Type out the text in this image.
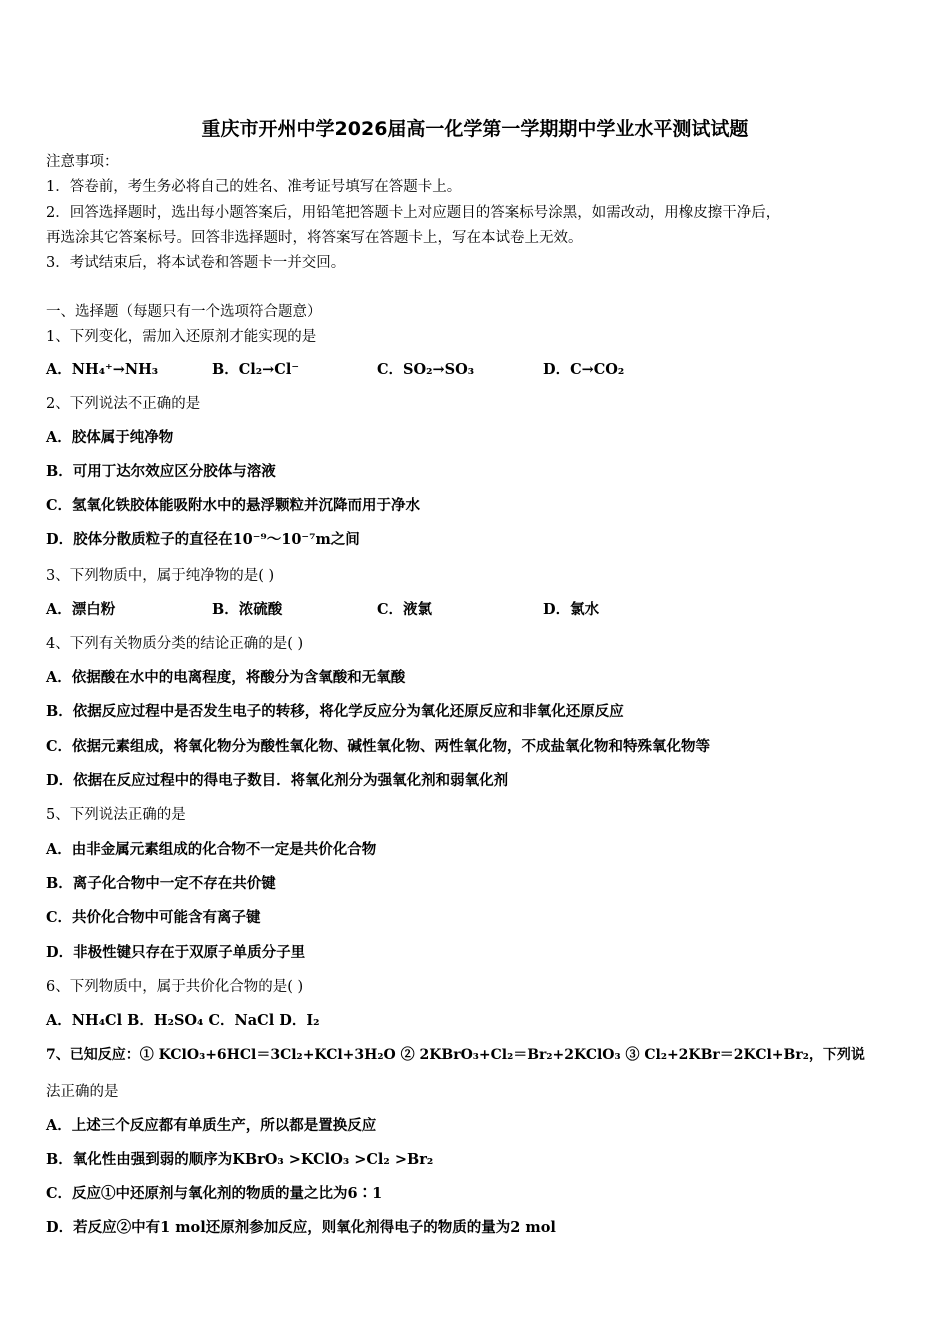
重庆市开州中学2026届高一化学第一学期期中学业水平测试试题
注意事项：
1．答卷前，考生务必将自己的姓名、准考证号填写在答题卡上。
2．回答选择题时，选出每小题答案后，用铅笔把答题卡上对应题目的答案标号涂黑，如需改动，用橡皮擦干净后，
再选涂其它答案标号。回答非选择题时，将答案写在答题卡上，写在本试卷上无效。
3．考试结束后，将本试卷和答题卡一并交回。
一、选择题（每题只有一个选项符合题意）
1、下列变化，需加入还原剂才能实现的是
A．NH₄⁺→NH₃	B．Cl₂→Cl⁻	C．SO₂→SO₃	D．C→CO₂
2、下列说法不正确的是
A．胶体属于纯净物
B．可用丁达尔效应区分胶体与溶液
C．氢氧化铁胶体能吸附水中的悬浮颗粒并沉降而用于净水
D．胶体分散质粒子的直径在10⁻⁹～10⁻⁷m之间
3、下列物质中，属于纯净物的是( )
A．漂白粉	B．浓硫酸	C．液氯	D．氯水
4、下列有关物质分类的结论正确的是( )
A．依据酸在水中的电离程度，将酸分为含氧酸和无氧酸
B．依据反应过程中是否发生电子的转移，将化学反应分为氧化还原反应和非氧化还原反应
C．依据元素组成，将氧化物分为酸性氧化物、碱性氧化物、两性氧化物，不成盐氧化物和特殊氧化物等
D．依据在反应过程中的得电子数目．将氧化剂分为强氧化剂和弱氧化剂
5、下列说法正确的是
A．由非金属元素组成的化合物不一定是共价化合物
B．离子化合物中一定不存在共价键
C．共价化合物中可能含有离子键
D．非极性键只存在于双原子单质分子里
6、下列物质中，属于共价化合物的是( )
A．NH₄Cl B．H₂SO₄ C．NaCl D．I₂
7、已知反应：① KClO₃+6HCl＝3Cl₂+KCl+3H₂O ② 2KBrO₃+Cl₂＝Br₂+2KClO₃ ③ Cl₂+2KBr＝2KCl+Br₂，下列说
法正确的是
A．上述三个反应都有单质生产，所以都是置换反应
B．氧化性由强到弱的顺序为KBrO₃ >KClO₃ >Cl₂ >Br₂
C．反应①中还原剂与氧化剂的物质的量之比为6∶1
D．若反应②中有1 mol还原剂参加反应，则氧化剂得电子的物质的量为2 mol
